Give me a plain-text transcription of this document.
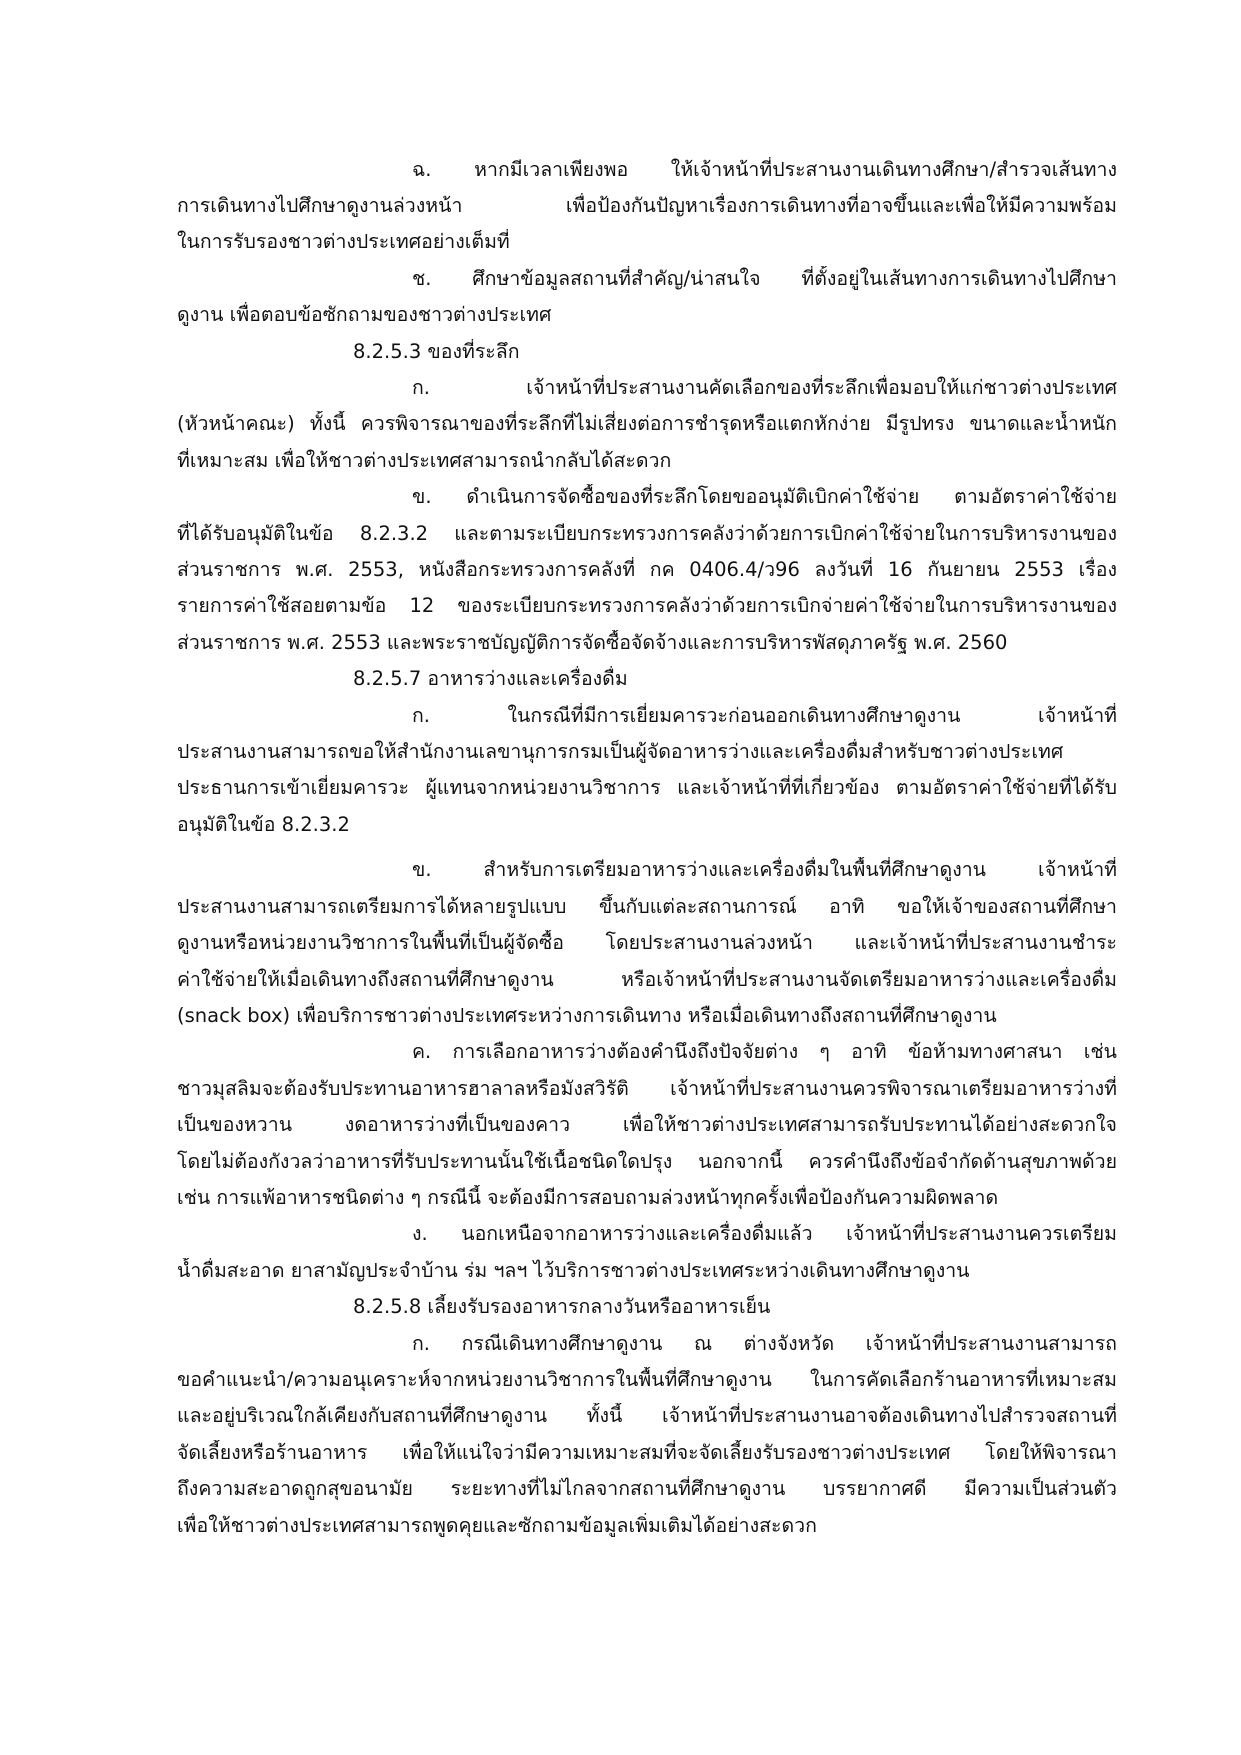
ฉ. หากมีเวลาเพียงพอ ให้เจ้าหน้าที่ประสานงานเดินทางศึกษา/สำรวจเส้นทาง
การเดินทางไปศึกษาดูงานล่วงหน้า เพื่อป้องกันปัญหาเรื่องการเดินทางที่อาจขึ้นและเพื่อให้มีความพร้อม
ในการรับรองชาวต่างประเทศอย่างเต็มที่
ช. ศึกษาข้อมูลสถานที่สำคัญ/น่าสนใจ ที่ตั้งอยู่ในเส้นทางการเดินทางไปศึกษา
ดูงาน เพื่อตอบข้อซักถามของชาวต่างประเทศ
8.2.5.3 ของที่ระลึก
ก. เจ้าหน้าที่ประสานงานคัดเลือกของที่ระลึกเพื่อมอบให้แก่ชาวต่างประเทศ
(หัวหน้าคณะ) ทั้งนี้ ควรพิจารณาของที่ระลึกที่ไม่เสี่ยงต่อการชำรุดหรือแตกหักง่าย มีรูปทรง ขนาดและน้ำหนัก
ที่เหมาะสม เพื่อให้ชาวต่างประเทศสามารถนำกลับได้สะดวก
ข. ดำเนินการจัดซื้อของที่ระลึกโดยขออนุมัติเบิกค่าใช้จ่าย ตามอัตราค่าใช้จ่าย
ที่ได้รับอนุมัติในข้อ 8.2.3.2 และตามระเบียบกระทรวงการคลังว่าด้วยการเบิกค่าใช้จ่ายในการบริหารงานของ
ส่วนราชการ พ.ศ. 2553, หนังสือกระทรวงการคลังที่ กค 0406.4/ว96 ลงวันที่ 16 กันยายน 2553 เรื่อง
รายการค่าใช้สอยตามข้อ 12 ของระเบียบกระทรวงการคลังว่าด้วยการเบิกจ่ายค่าใช้จ่ายในการบริหารงานของ
ส่วนราชการ พ.ศ. 2553 และพระราชบัญญัติการจัดซื้อจัดจ้างและการบริหารพัสดุภาครัฐ พ.ศ. 2560
8.2.5.7 อาหารว่างและเครื่องดื่ม
ก. ในกรณีที่มีการเยี่ยมคารวะก่อนออกเดินทางศึกษาดูงาน เจ้าหน้าที่
ประสานงานสามารถขอให้สำนักงานเลขานุการกรมเป็นผู้จัดอาหารว่างและเครื่องดื่มสำหรับชาวต่างประเทศ
ประธานการเข้าเยี่ยมคารวะ ผู้แทนจากหน่วยงานวิชาการ และเจ้าหน้าที่ที่เกี่ยวข้อง ตามอัตราค่าใช้จ่ายที่ได้รับ
อนุมัติในข้อ 8.2.3.2
ข. สำหรับการเตรียมอาหารว่างและเครื่องดื่มในพื้นที่ศึกษาดูงาน เจ้าหน้าที่
ประสานงานสามารถเตรียมการได้หลายรูปแบบ ขึ้นกับแต่ละสถานการณ์ อาทิ ขอให้เจ้าของสถานที่ศึกษา
ดูงานหรือหน่วยงานวิชาการในพื้นที่เป็นผู้จัดซื้อ โดยประสานงานล่วงหน้า และเจ้าหน้าที่ประสานงานชำระ
ค่าใช้จ่ายให้เมื่อเดินทางถึงสถานที่ศึกษาดูงาน หรือเจ้าหน้าที่ประสานงานจัดเตรียมอาหารว่างและเครื่องดื่ม
(snack box) เพื่อบริการชาวต่างประเทศระหว่างการเดินทาง หรือเมื่อเดินทางถึงสถานที่ศึกษาดูงาน
ค. การเลือกอาหารว่างต้องคำนึงถึงปัจจัยต่าง ๆ อาทิ ข้อห้ามทางศาสนา เช่น
ชาวมุสลิมจะต้องรับประทานอาหารฮาลาลหรือมังสวิรัติ เจ้าหน้าที่ประสานงานควรพิจารณาเตรียมอาหารว่างที่
เป็นของหวาน งดอาหารว่างที่เป็นของคาว เพื่อให้ชาวต่างประเทศสามารถรับประทานได้อย่างสะดวกใจ
โดยไม่ต้องกังวลว่าอาหารที่รับประทานนั้นใช้เนื้อชนิดใดปรุง นอกจากนี้ ควรคำนึงถึงข้อจำกัดด้านสุขภาพด้วย
เช่น การแพ้อาหารชนิดต่าง ๆ กรณีนี้ จะต้องมีการสอบถามล่วงหน้าทุกครั้งเพื่อป้องกันความผิดพลาด
ง. นอกเหนือจากอาหารว่างและเครื่องดื่มแล้ว เจ้าหน้าที่ประสานงานควรเตรียม
น้ำดื่มสะอาด ยาสามัญประจำบ้าน ร่ม ฯลฯ ไว้บริการชาวต่างประเทศระหว่างเดินทางศึกษาดูงาน
8.2.5.8 เลี้ยงรับรองอาหารกลางวันหรืออาหารเย็น
ก. กรณีเดินทางศึกษาดูงาน ณ ต่างจังหวัด เจ้าหน้าที่ประสานงานสามารถ
ขอคำแนะนำ/ความอนุเคราะห์จากหน่วยงานวิชาการในพื้นที่ศึกษาดูงาน ในการคัดเลือกร้านอาหารที่เหมาะสม
และอยู่บริเวณใกล้เคียงกับสถานที่ศึกษาดูงาน ทั้งนี้ เจ้าหน้าที่ประสานงานอาจต้องเดินทางไปสำรวจสถานที่
จัดเลี้ยงหรือร้านอาหาร เพื่อให้แน่ใจว่ามีความเหมาะสมที่จะจัดเลี้ยงรับรองชาวต่างประเทศ โดยให้พิจารณา
ถึงความสะอาดถูกสุขอนามัย ระยะทางที่ไม่ไกลจากสถานที่ศึกษาดูงาน บรรยากาศดี มีความเป็นส่วนตัว
เพื่อให้ชาวต่างประเทศสามารถพูดคุยและซักถามข้อมูลเพิ่มเติมได้อย่างสะดวก
